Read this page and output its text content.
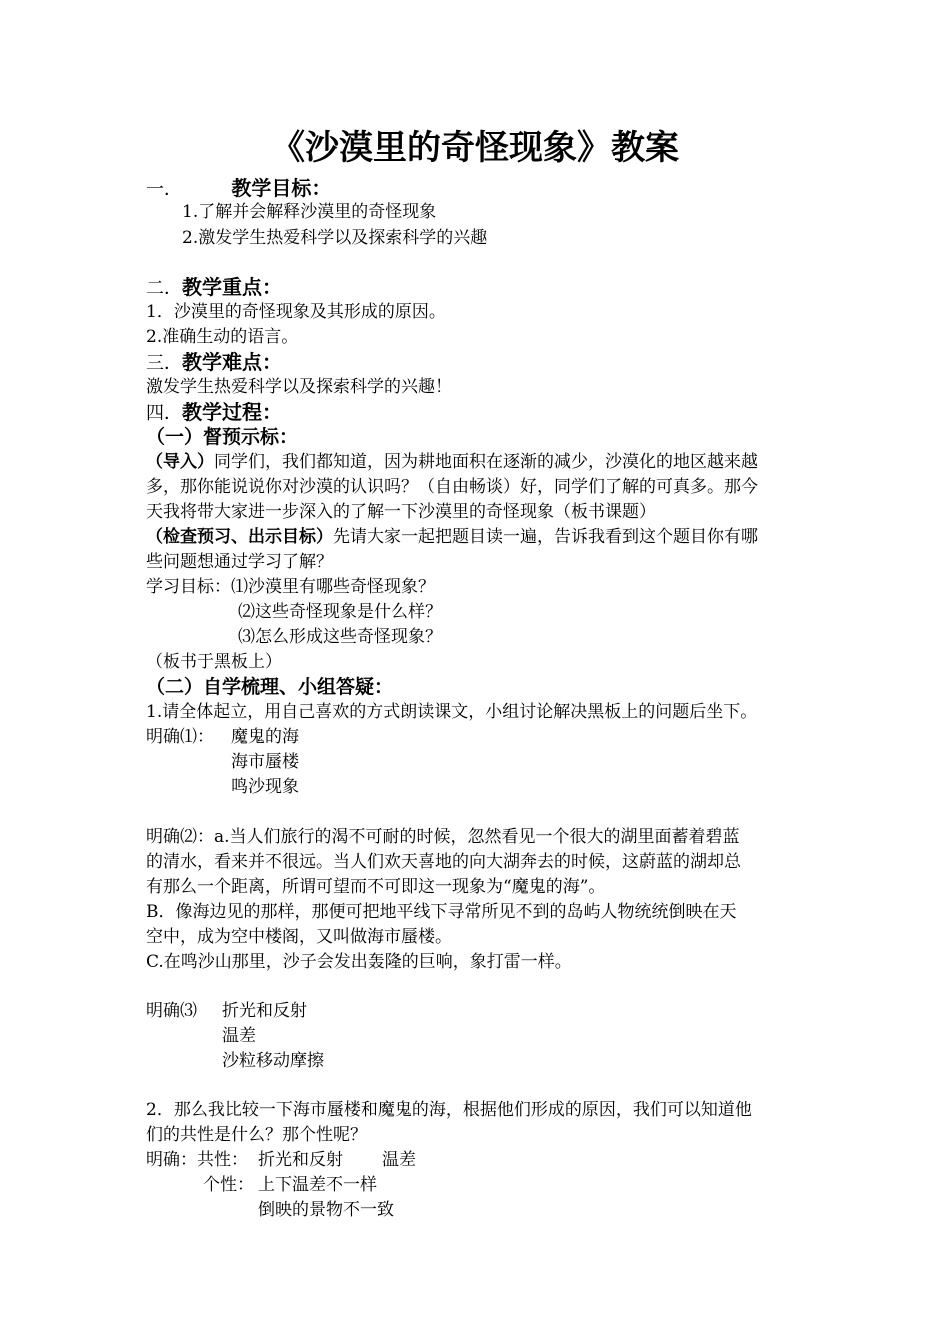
《沙漠里的奇怪现象》教案
一． 教学目标：
1.了解并会解释沙漠里的奇怪现象
2.激发学生热爱科学以及探索科学的兴趣
二．教学重点：
1．沙漠里的奇怪现象及其形成的原因。
2.准确生动的语言。
三．教学难点：
激发学生热爱科学以及探索科学的兴趣！
四．教学过程：
（一）督预示标：
（导入）同学们，我们都知道，因为耕地面积在逐渐的减少，沙漠化的地区越来越
多，那你能说说你对沙漠的认识吗？（自由畅谈）好，同学们了解的可真多。那今
天我将带大家进一步深入的了解一下沙漠里的奇怪现象（板书课题）
（检查预习、出示目标）先请大家一起把题目读一遍，告诉我看到这个题目你有哪
些问题想通过学习了解？
学习目标：⑴沙漠里有哪些奇怪现象？
⑵这些奇怪现象是什么样？
⑶怎么形成这些奇怪现象？
（板书于黑板上）
（二）自学梳理、小组答疑：
1.请全体起立，用自己喜欢的方式朗读课文，小组讨论解决黑板上的问题后坐下。
明确⑴： 魔鬼的海
海市蜃楼
鸣沙现象
明确⑵：a.当人们旅行的渴不可耐的时候，忽然看见一个很大的湖里面蓄着碧蓝
的清水，看来并不很远。当人们欢天喜地的向大湖奔去的时候，这蔚蓝的湖却总
有那么一个距离，所谓可望而不可即这一现象为“魔鬼的海”。
B．像海边见的那样，那便可把地平线下寻常所见不到的岛屿人物统统倒映在天
空中，成为空中楼阁，又叫做海市蜃楼。
C.在鸣沙山那里，沙子会发出轰隆的巨响，象打雷一样。
明确⑶ 折光和反射
温差
沙粒移动摩擦
2．那么我比较一下海市蜃楼和魔鬼的海，根据他们形成的原因，我们可以知道他
们的共性是什么？那个性呢？
明确：共性： 折光和反射 温差
个性： 上下温差不一样
倒映的景物不一致
